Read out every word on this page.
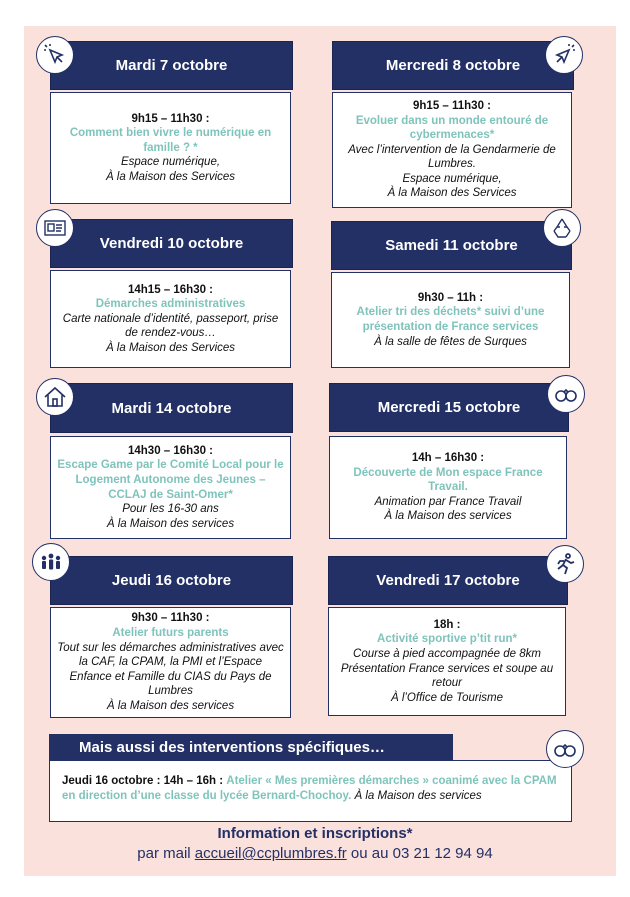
Mardi 7 octobre
9h15 – 11h30 :
Comment bien vivre le numérique en famille ? *
Espace numérique,
À la Maison des Services
Mercredi 8 octobre
9h15 – 11h30 :
Evoluer dans un monde entouré de cybermenaces*
Avec l’intervention de la Gendarmerie de Lumbres.
Espace numérique,
À la Maison des Services
Vendredi 10 octobre
14h15 – 16h30 :
Démarches administratives
Carte nationale d’identité, passeport, prise de rendez-vous…
À la Maison des Services
Samedi 11 octobre
9h30 – 11h :
Atelier tri des déchets* suivi d’une présentation de France services
À la salle de fêtes de Surques
Mardi 14 octobre
14h30 – 16h30 :
Escape Game par le Comité Local pour le Logement Autonome des Jeunes – CCLAJ de Saint-Omer*
Pour les 16-30 ans
À la Maison des services
Mercredi 15 octobre
14h – 16h30 :
Découverte de Mon espace France Travail.
Animation par France Travail
À la Maison des services
Jeudi 16 octobre
9h30 – 11h30 :
Atelier futurs parents
Tout sur les démarches administratives avec la CAF, la CPAM, la PMI et l’Espace Enfance et Famille du CIAS du Pays de Lumbres
À la Maison des services
Vendredi 17 octobre
18h :
Activité sportive p’tit run*
Course à pied accompagnée de 8km
Présentation France services et soupe au retour
À l’Office de Tourisme
Mais aussi des interventions spécifiques…
Jeudi 16 octobre : 14h – 16h : Atelier « Mes premières démarches » coanimé avec la CPAM en direction d’une classe du lycée Bernard-Chochoy. À la Maison des services
Information et inscriptions*
par mail accueil@ccplumbres.fr ou au 03 21 12 94 94
